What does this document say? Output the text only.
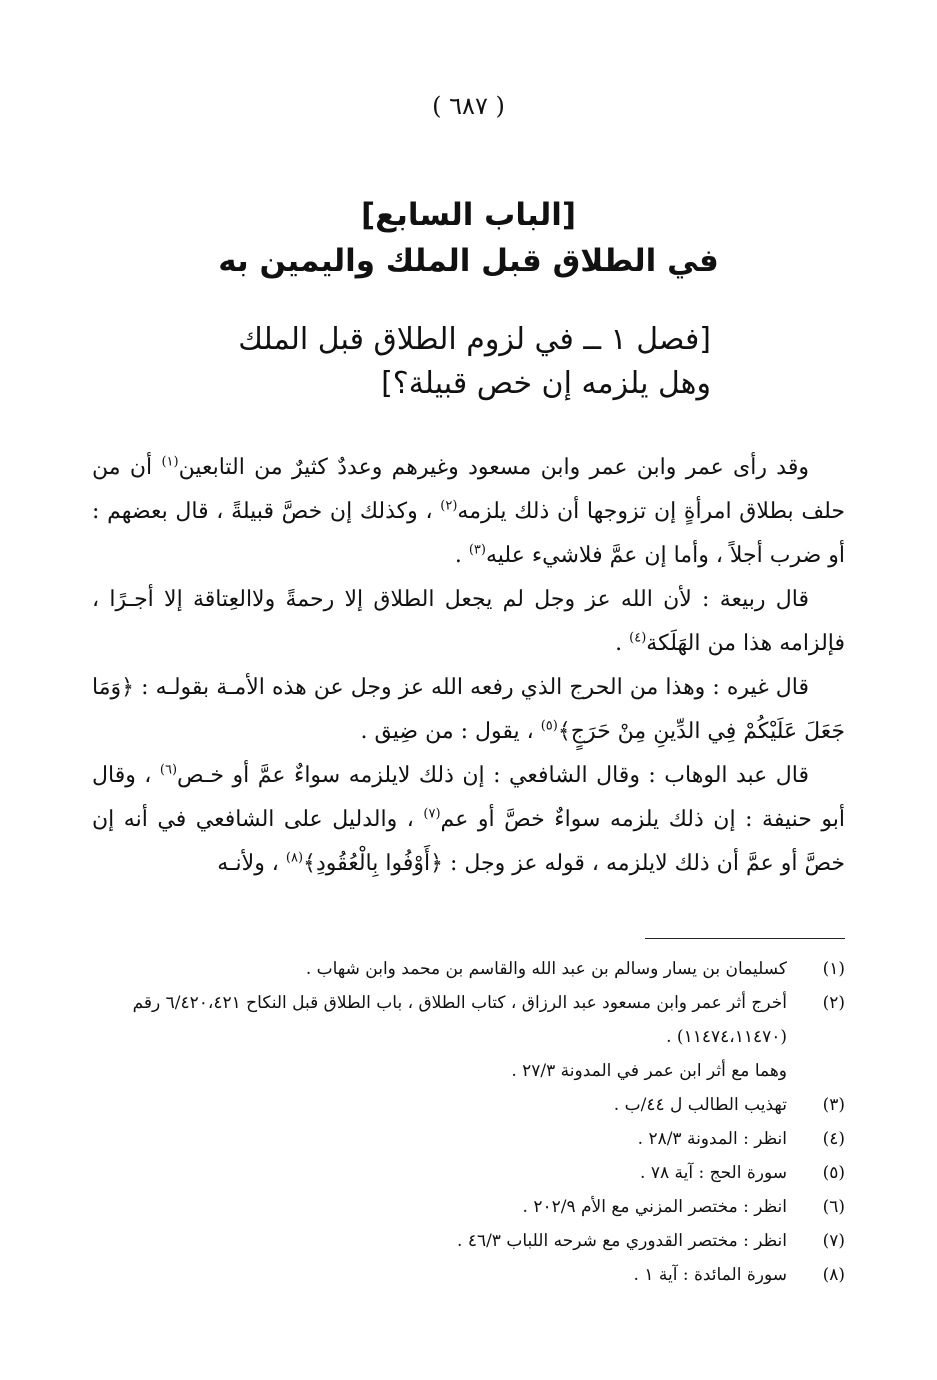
( ٦٨٧ )
[الباب السابع]
في الطلاق قبل الملك واليمين به
[فصل ١ ــ في لزوم الطلاق قبل الملك
وهل يلزمه إن خص قبيلة؟]

وقد رأى عمر وابن عمر وابن مسعود وغيرهم وعددٌ كثيرٌ من التابعين$^{(١)}$ أن من حلف بطلاق امرأةٍ إن تزوجها أن ذلك يلزمه$^{(٢)}$ ، وكذلك إن خصَّ قبيلةً ، قال بعضهم : أو ضرب أجلاً ، وأما إن عمَّ فلاشيء عليه$^{(٣)}$ .

قال ربيعة : لأن الله عز وجل لم يجعل الطلاق إلا رحمةً ولاالعِتاقة إلا أجـرًا ، فإلزامه هذا من الهَلَكة$^{(٤)}$ .

قال غيره : وهذا من الحرج الذي رفعه الله عز وجل عن هذه الأمـة بقولـه : ﴿وَمَا جَعَلَ عَلَيْكُمْ فِي الدِّينِ مِنْ حَرَجٍ﴾$^{(٥)}$ ، يقول : من ضِيق .

قال عبد الوهاب : وقال الشافعي : إن ذلك لايلزمه سواءٌ عمَّ أو خـص$^{(٦)}$ ، وقال أبو حنيفة : إن ذلك يلزمه سواءٌ خصَّ أو عم$^{(٧)}$ ، والدليل على الشافعي في أنه إن خصَّ أو عمَّ أن ذلك لايلزمه ، قوله عز وجل : ﴿أَوْفُوا بِالْعُقُودِ﴾$^{(٨)}$ ، ولأنـه

(١)
كسليمان بن يسار وسالم بن عبد الله والقاسم بن محمد وابن شهاب .
(٢)
أخرج أثر عمر وابن مسعود عبد الرزاق ، كتاب الطلاق ، باب الطلاق قبل النكاح ٦/٤٢٠،٤٢١ رقم (١١٤٧٤،١١٤٧٠) .
وهما مع أثر ابن عمر في المدونة ٢٧/٣ .
(٣)
تهذيب الطالب ل ٤٤/ب .
(٤)
انظر : المدونة ٢٨/٣ .
(٥)
سورة الحج : آية ٧٨ .
(٦)
انظر : مختصر المزني مع الأم ٢٠٢/٩ .
(٧)
انظر : مختصر القدوري مع شرحه اللباب ٤٦/٣ .
(٨)
سورة المائدة : آية ١ .
